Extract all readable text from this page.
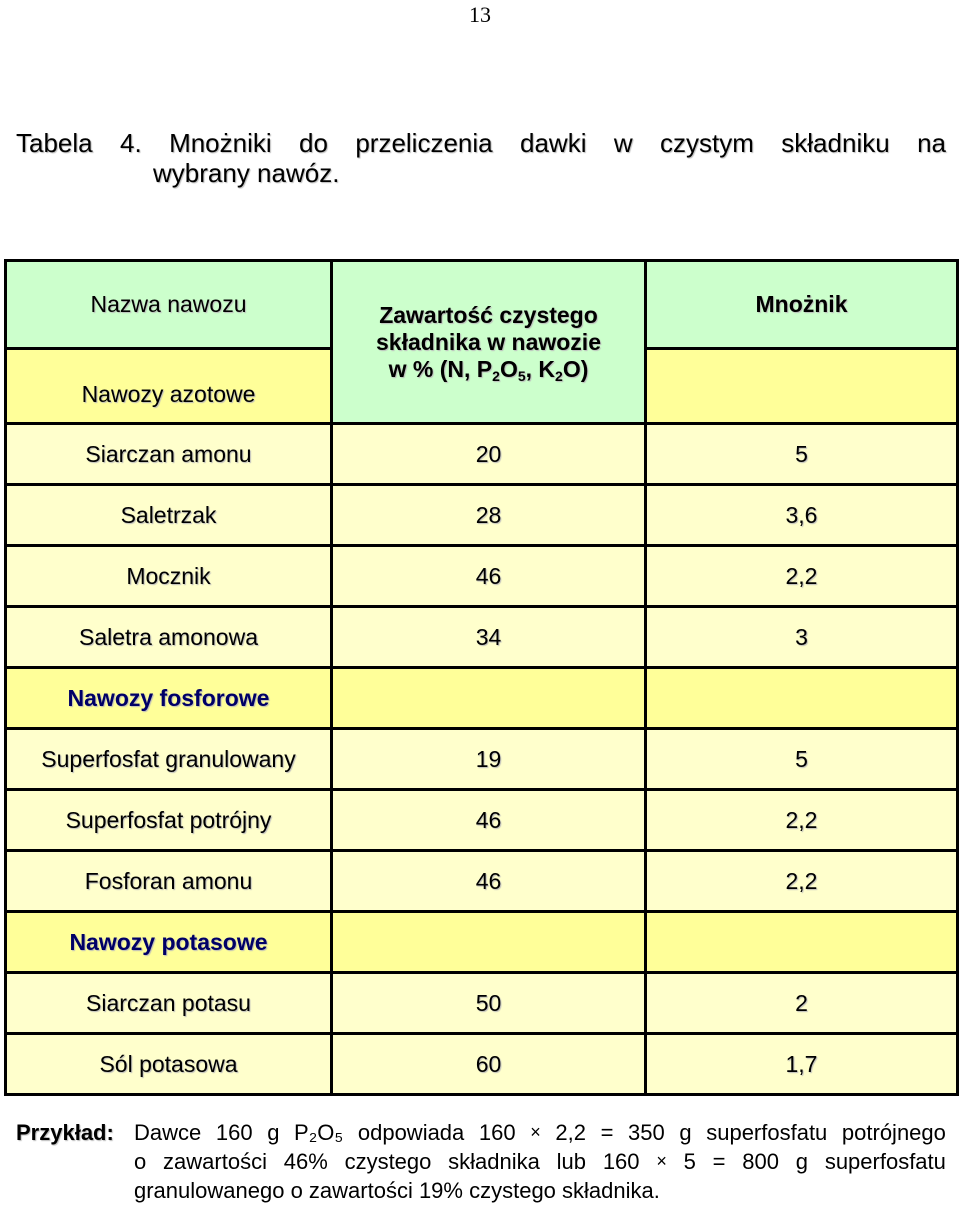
13
Tabela 4. Mnożniki do przeliczenia dawki w czystym składniku na
wybrany nawóz.
Nazwa nawozu	Zawartość czystego
składnika w nawozie
w % (N, $P_2O_5$, $K_2O$)	Mnożnik
Nawozy azotowe		
Siarczan amonu	20	5
Saletrzak	28	3,6
Mocznik	46	2,2
Saletra amonowa	34	3
Nawozy fosforowe		
Superfosfat granulowany	19	5
Superfosfat potrójny	46	2,2
Fosforan amonu	46	2,2
Nawozy potasowe		
Siarczan potasu	50	2
Sól potasowa	60	1,7
Przykład: Dawce 160 g P₂O₅ odpowiada 160 × 2,2 = 350 g superfosfatu potrójnego
o zawartości 46% czystego składnika lub 160 × 5 = 800 g superfosfatu
granulowanego o zawartości 19% czystego składnika.
